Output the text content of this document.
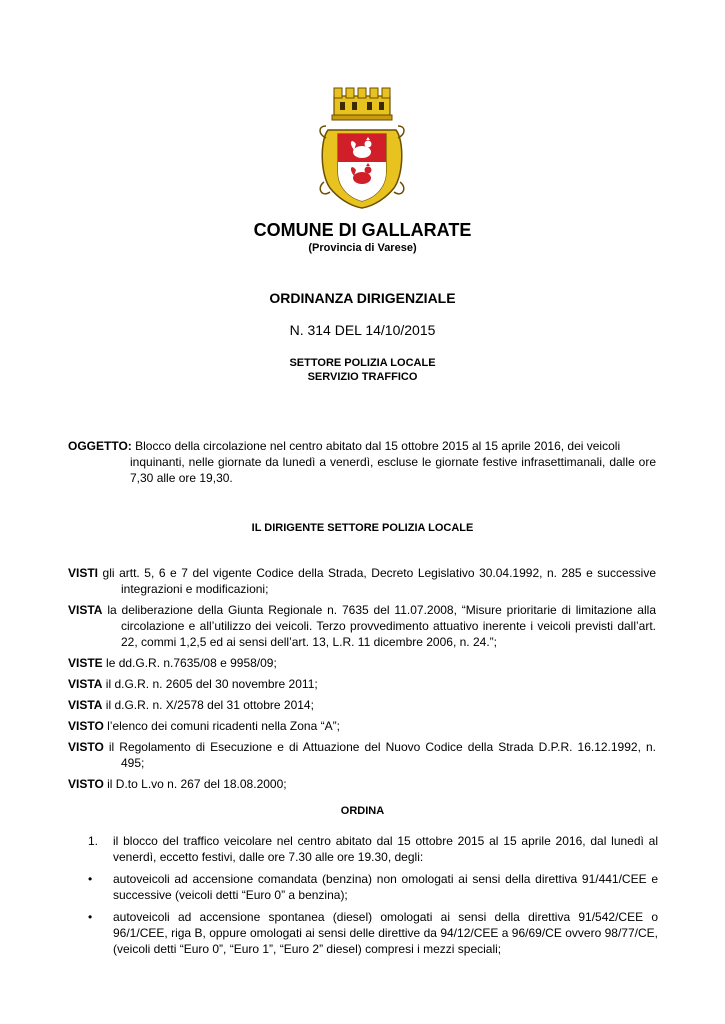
COMUNE DI GALLARATE
(Provincia di Varese)
ORDINANZA DIRIGENZIALE
N. 314 DEL 14/10/2015
SETTORE POLIZIA LOCALE
SERVIZIO TRAFFICO
OGGETTO: Blocco della circolazione nel centro abitato dal 15 ottobre 2015 al 15 aprile 2016, dei veicoli
inquinanti, nelle giornate da lunedì a venerdì, escluse le giornate festive infrasettimanali, dalle ore 7,30 alle ore 19,30.
IL DIRIGENTE SETTORE POLIZIA LOCALE
VISTI gli artt. 5, 6 e 7 del vigente Codice della Strada, Decreto Legislativo 30.04.1992, n. 285 e successive integrazioni e modificazioni;
VISTA la deliberazione della Giunta Regionale n. 7635 del 11.07.2008, “Misure prioritarie di limitazione alla circolazione e all’utilizzo dei veicoli. Terzo provvedimento attuativo inerente i veicoli previsti dall’art. 22, commi 1,2,5 ed ai sensi dell’art. 13, L.R. 11 dicembre 2006, n. 24.”;
VISTE le dd.G.R. n.7635/08 e 9958/09;
VISTA il d.G.R. n. 2605 del 30 novembre 2011;
VISTA il d.G.R. n. X/2578 del 31 ottobre 2014;
VISTO l’elenco dei comuni ricadenti nella Zona “A”;
VISTO il Regolamento di Esecuzione e di Attuazione del Nuovo Codice della Strada D.P.R. 16.12.1992, n. 495;
VISTO il D.to L.vo n. 267 del 18.08.2000;
ORDINA
1.	il blocco del traffico veicolare nel centro abitato dal 15 ottobre 2015 al 15 aprile 2016, dal lunedì al venerdì, eccetto festivi, dalle ore 7.30 alle ore 19.30, degli:
•	autoveicoli ad accensione comandata (benzina) non omologati ai sensi della direttiva 91/441/CEE e successive (veicoli detti “Euro 0” a benzina);
•	autoveicoli ad accensione spontanea (diesel) omologati ai sensi della direttiva 91/542/CEE o 96/1/CEE, riga B, oppure omologati ai sensi delle direttive da 94/12/CEE a 96/69/CE ovvero 98/77/CE, (veicoli detti “Euro 0”, “Euro 1”, “Euro 2” diesel) compresi i mezzi speciali;
